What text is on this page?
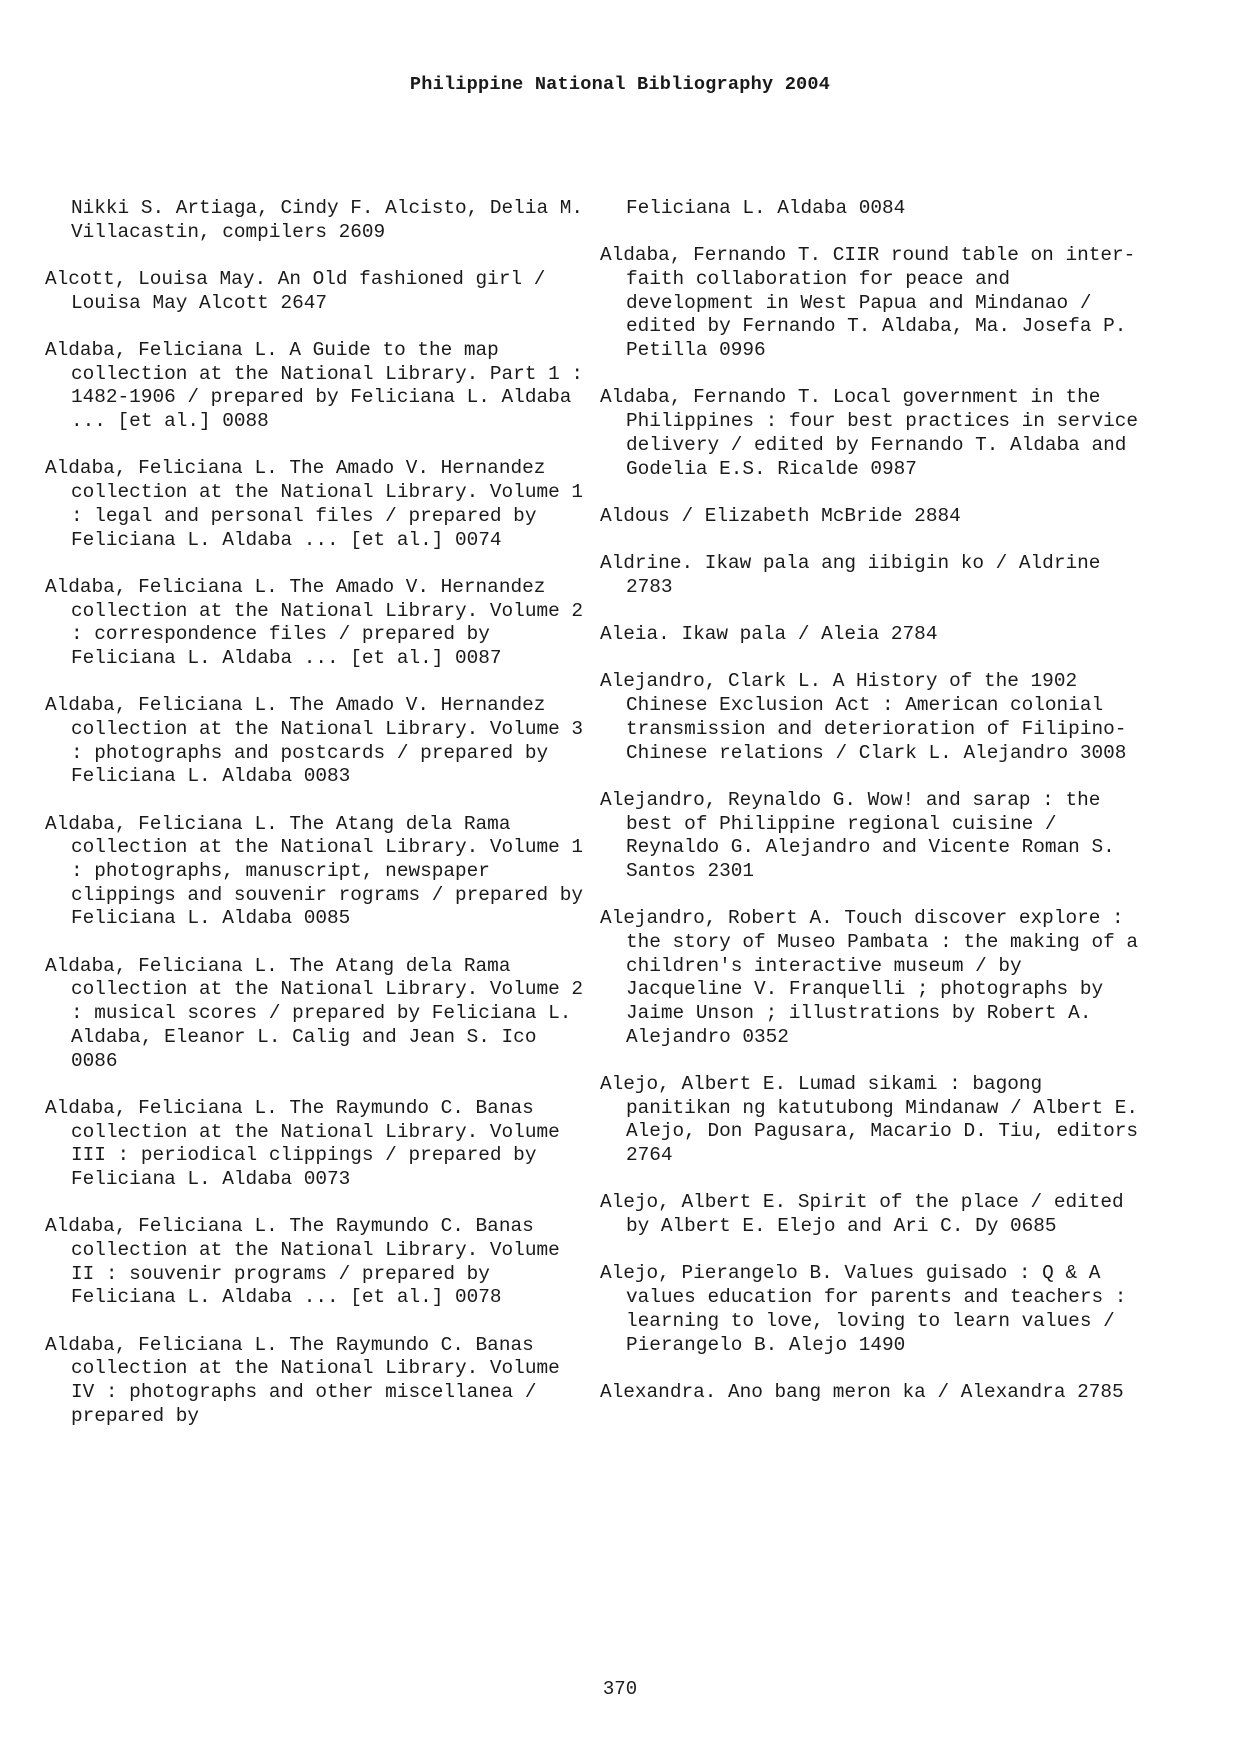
Philippine National Bibliography 2004

Nikki S. Artiaga, Cindy F. Alcisto, Delia M. Villacastin, compilers 2609

Alcott, Louisa May. An Old fashioned girl / Louisa May Alcott 2647

Aldaba, Feliciana L. A Guide to the map collection at the National Library. Part 1 : 1482-1906 / prepared by Feliciana L. Aldaba ... [et al.] 0088

Aldaba, Feliciana L. The Amado V. Hernandez collection at the National Library. Volume 1 : legal and personal files / prepared by Feliciana L. Aldaba ... [et al.] 0074

Aldaba, Feliciana L. The Amado V. Hernandez collection at the National Library. Volume 2 : correspondence files / prepared by Feliciana L. Aldaba ... [et al.] 0087

Aldaba, Feliciana L. The Amado V. Hernandez collection at the National Library. Volume 3 : photographs and postcards / prepared by Feliciana L. Aldaba 0083

Aldaba, Feliciana L. The Atang dela Rama collection at the National Library. Volume 1 : photographs, manuscript, newspaper clippings and souvenir rograms / prepared by Feliciana L. Aldaba 0085

Aldaba, Feliciana L. The Atang dela Rama collection at the National Library. Volume 2 : musical scores / prepared by Feliciana L. Aldaba, Eleanor L. Calig and Jean S. Ico 0086

Aldaba, Feliciana L. The Raymundo C. Banas collection at the National Library. Volume III : periodical clippings / prepared by Feliciana L. Aldaba 0073

Aldaba, Feliciana L. The Raymundo C. Banas collection at the National Library. Volume II : souvenir programs / prepared by Feliciana L. Aldaba ... [et al.] 0078

Aldaba, Feliciana L. The Raymundo C. Banas collection at the National Library. Volume IV : photographs and other miscellanea / prepared by

Feliciana L. Aldaba 0084

Aldaba, Fernando T. CIIR round table on inter-faith collaboration for peace and development in West Papua and Mindanao / edited by Fernando T. Aldaba, Ma. Josefa P. Petilla 0996

Aldaba, Fernando T. Local government in the Philippines : four best practices in service delivery / edited by Fernando T. Aldaba and Godelia E.S. Ricalde 0987

Aldous / Elizabeth McBride 2884

Aldrine. Ikaw pala ang iibigin ko / Aldrine 2783

Aleia. Ikaw pala / Aleia 2784

Alejandro, Clark L. A History of the 1902 Chinese Exclusion Act : American colonial transmission and deterioration of Filipino-Chinese relations / Clark L. Alejandro 3008

Alejandro, Reynaldo G. Wow! and sarap : the best of Philippine regional cuisine / Reynaldo G. Alejandro and Vicente Roman S. Santos 2301

Alejandro, Robert A. Touch discover explore : the story of Museo Pambata : the making of a children's interactive museum / by Jacqueline V. Franquelli ; photographs by Jaime Unson ; illustrations by Robert A. Alejandro 0352

Alejo, Albert E. Lumad sikami : bagong panitikan ng katutubong Mindanaw / Albert E. Alejo, Don Pagusara, Macario D. Tiu, editors 2764

Alejo, Albert E. Spirit of the place / edited by Albert E. Elejo and Ari C. Dy 0685

Alejo, Pierangelo B. Values guisado : Q & A values education for parents and teachers : learning to love, loving to learn values / Pierangelo B. Alejo 1490

Alexandra. Ano bang meron ka / Alexandra 2785

370
